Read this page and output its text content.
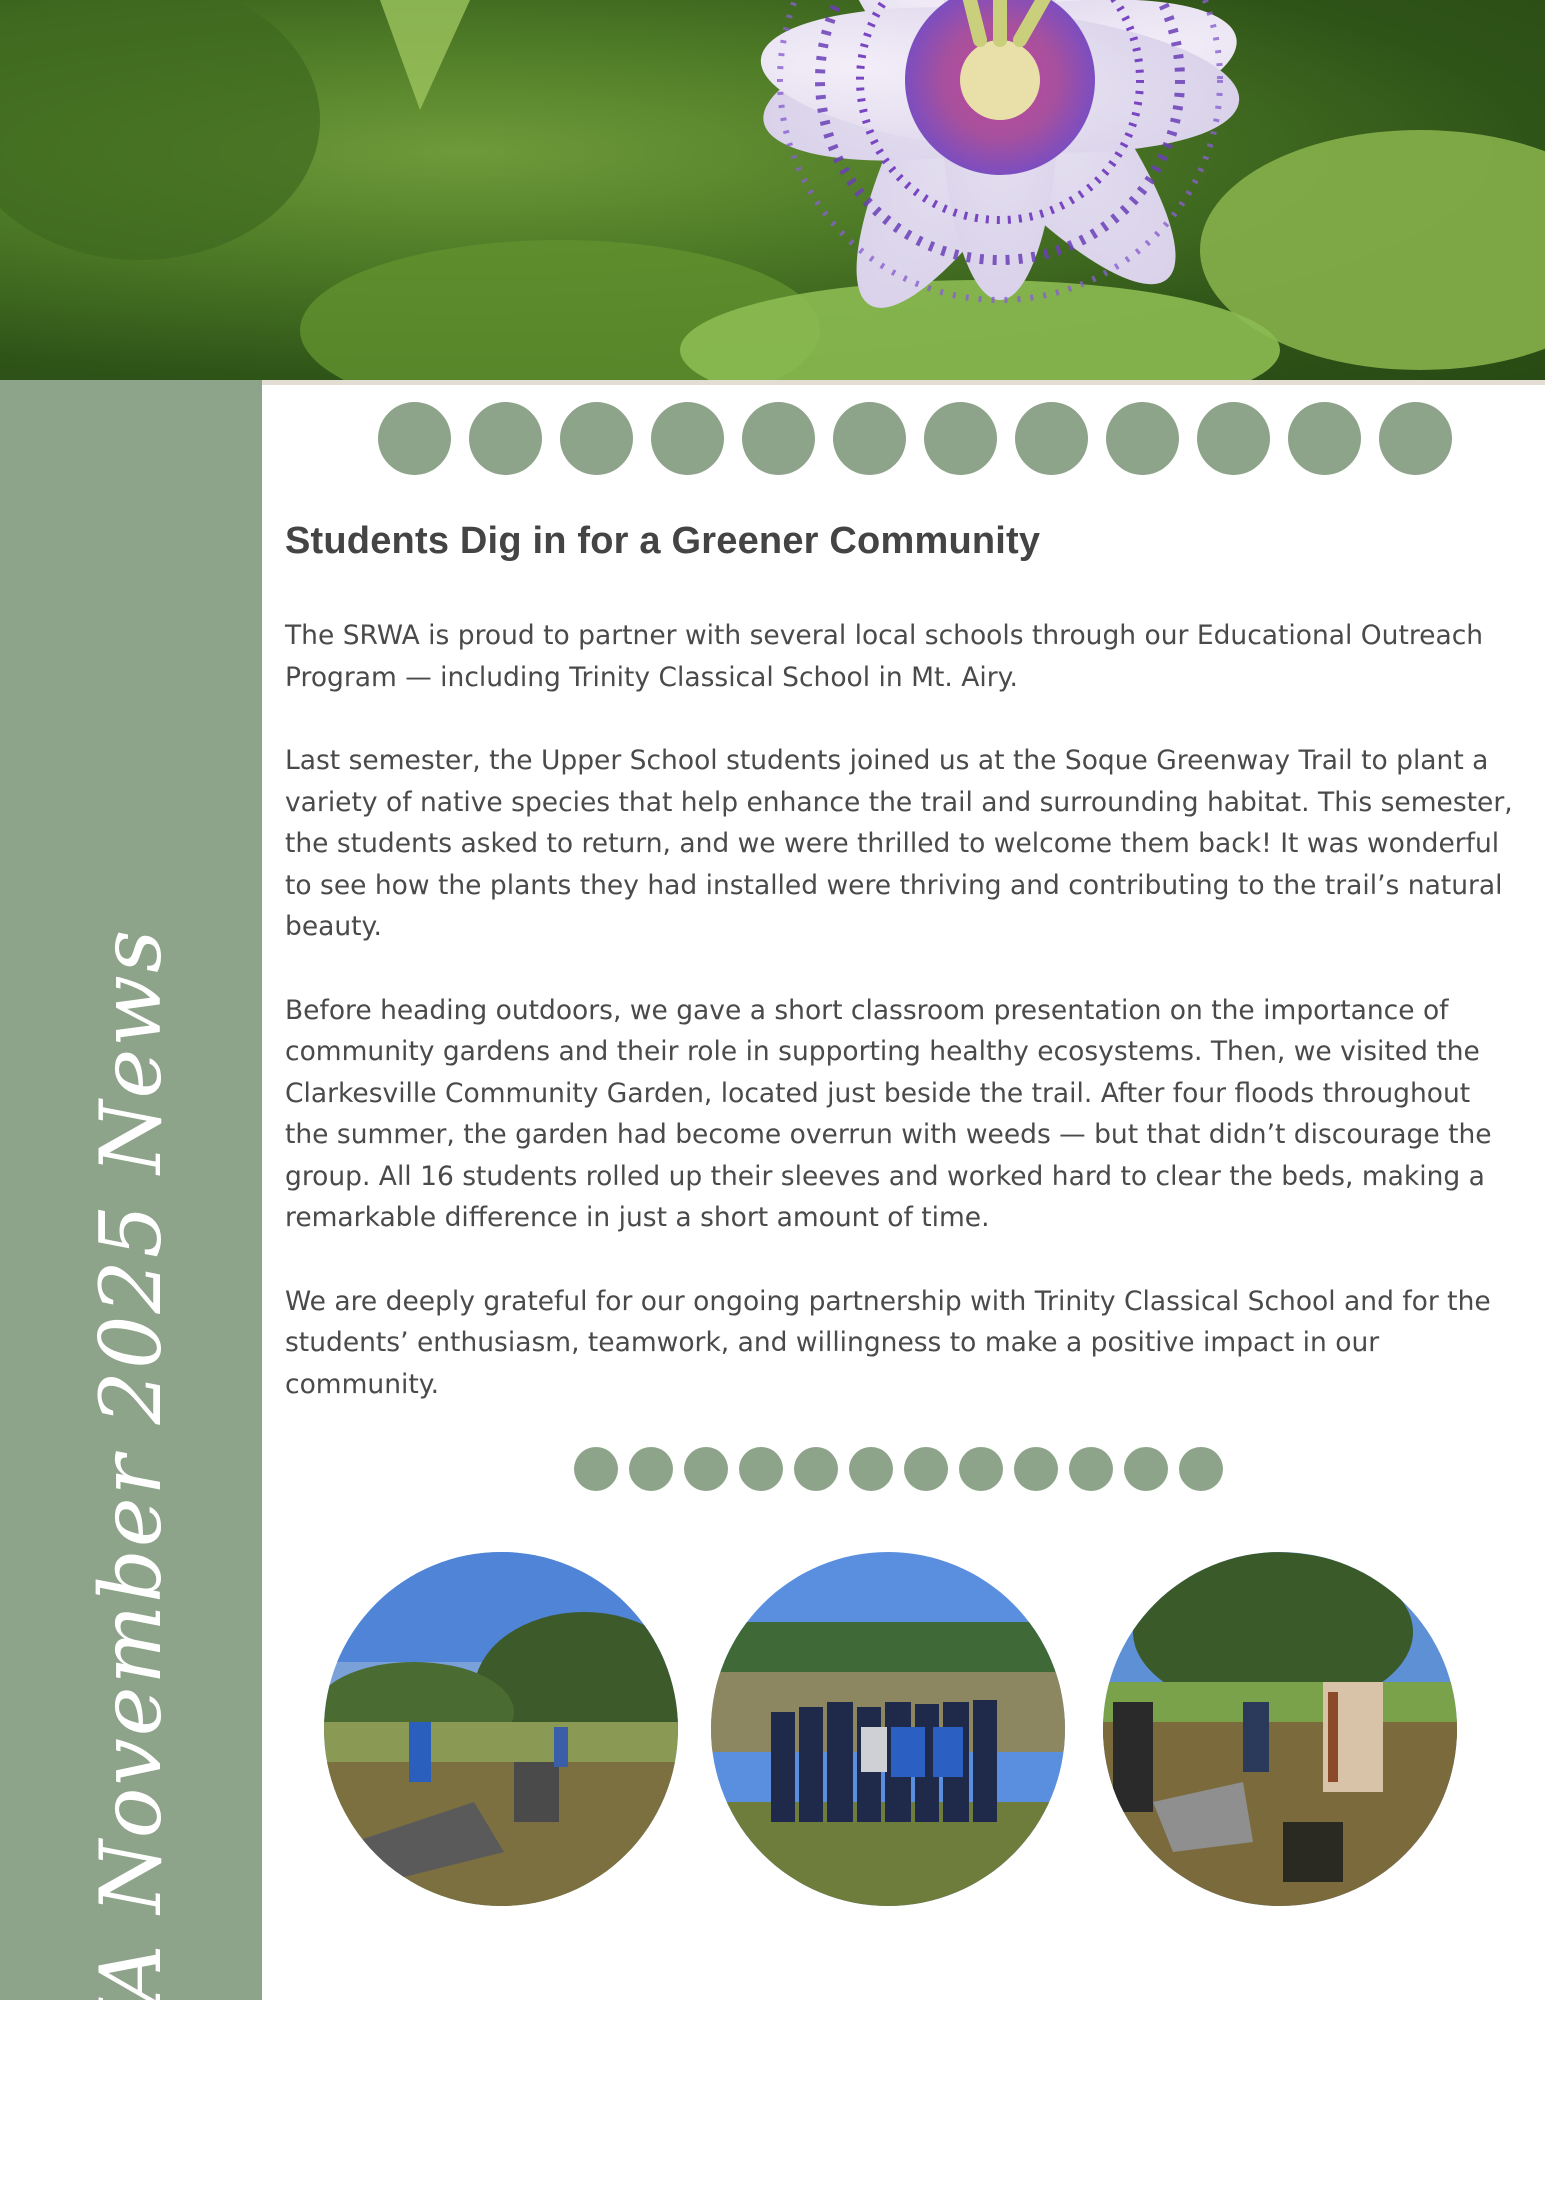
SRWA November 2025 News
Students Dig in for a Greener Community

The SRWA is proud to partner with several local schools through our Educational Outreach Program — including Trinity Classical School in Mt. Airy.

Last semester, the Upper School students joined us at the Soque Greenway Trail to plant a variety of native species that help enhance the trail and surrounding habitat. This semester, the students asked to return, and we were thrilled to welcome them back! It was wonderful to see how the plants they had installed were thriving and contributing to the trail’s natural beauty.

Before heading outdoors, we gave a short classroom presentation on the importance of community gardens and their role in supporting healthy ecosystems. Then, we visited the Clarkesville Community Garden, located just beside the trail. After four floods throughout the summer, the garden had become overrun with weeds — but that didn’t discourage the group. All 16 students rolled up their sleeves and worked hard to clear the beds, making a remarkable difference in just a short amount of time.

We are deeply grateful for our ongoing partnership with Trinity Classical School and for the students’ enthusiasm, teamwork, and willingness to make a positive impact in our community.
